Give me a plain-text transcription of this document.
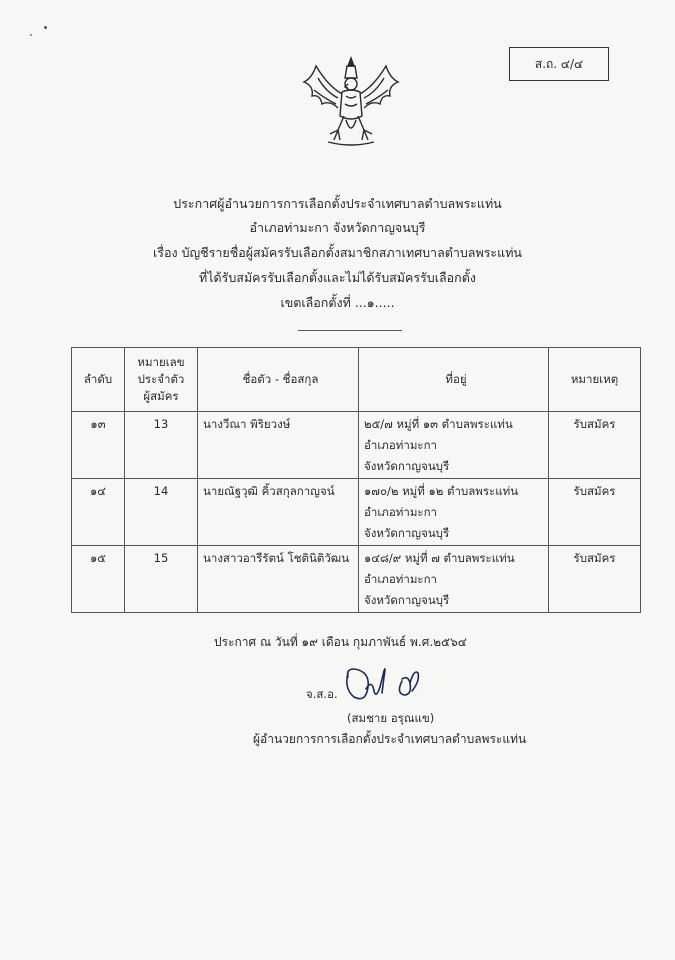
ส.ถ. ๔/๔
ประกาศผู้อำนวยการการเลือกตั้งประจำเทศบาลตำบลพระแท่น
อำเภอท่ามะกา จังหวัดกาญจนบุรี
เรื่อง บัญชีรายชื่อผู้สมัครรับเลือกตั้งสมาชิกสภาเทศบาลตำบลพระแท่น
ที่ได้รับสมัครรับเลือกตั้งและไม่ได้รับสมัครรับเลือกตั้ง
เขตเลือกตั้งที่ ...๑.....
ลำดับ	หมายเลข
ประจำตัว
ผู้สมัคร	ชื่อตัว - ชื่อสกุล	ที่อยู่	หมายเหตุ
๑๓	13	นางวีณา พิริยวงษ์	๒๕/๗ หมู่ที่ ๑๓ ตำบลพระแท่น
อำเภอท่ามะกา
จังหวัดกาญจนบุรี	รับสมัคร
๑๔	14	นายณัฐวุฒิ คิ้วสกุลกาญจน์	๑๗๐/๒ หมู่ที่ ๑๒ ตำบลพระแท่น
อำเภอท่ามะกา
จังหวัดกาญจนบุรี	รับสมัคร
๑๕	15	นางสาวอารีรัตน์ โชตินิติวัฒน	๑๔๘/๙ หมู่ที่ ๗ ตำบลพระแท่น
อำเภอท่ามะกา
จังหวัดกาญจนบุรี	รับสมัคร
ประกาศ ณ วันที่ ๑๙ เดือน กุมภาพันธ์ พ.ศ.๒๕๖๔
จ.ส.อ.
(สมชาย อรุณแข)
ผู้อำนวยการการเลือกตั้งประจำเทศบาลตำบลพระแท่น
